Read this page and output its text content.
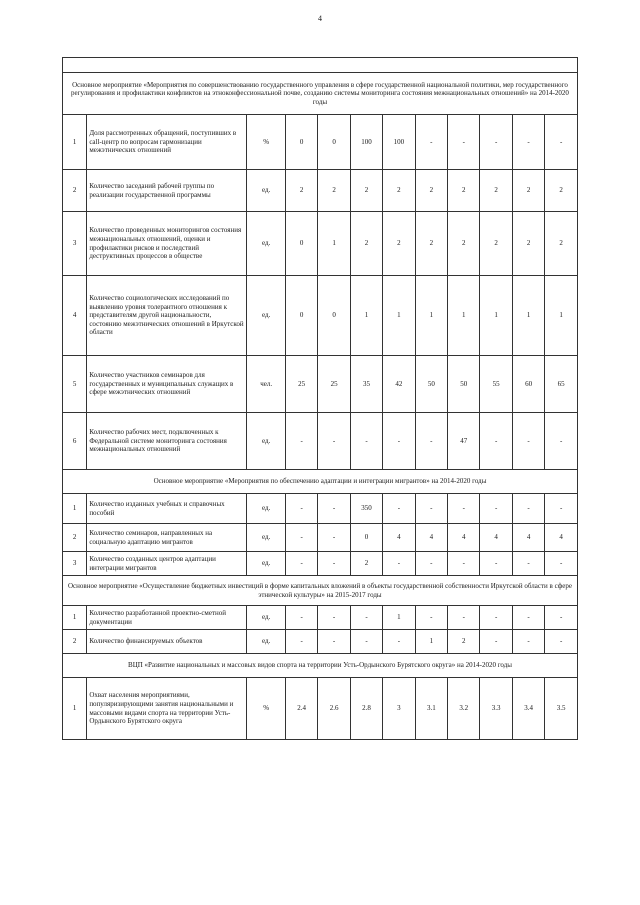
4

Основное мероприятие «Мероприятия по совершенствованию государственного управления в сфере государственной национальной политики, мер государственного регулирования и профилактики конфликтов на этноконфессиональной почве, созданию системы мониторинга состояния межнациональных отношений» на 2014-2020 годы											
1	Доля рассмотренных обращений, поступивших в call-центр по вопросам гармонизации межэтнических отношений	%	0	0	100	100	-	-	-	-	-
2	Количество заседаний рабочей группы по реализации государственной программы	ед.	2	2	2	2	2	2	2	2	2
3	Количество проведенных мониторингов состояния межнациональных отношений, оценки и профилактики рисков и последствий деструктивных процессов в обществе	ед.	0	1	2	2	2	2	2	2	2
4	Количество социологических исследований по выявлению уровня толерантного отношения к представителям другой национальности, состоянию межэтнических отношений в Иркутской области	ед.	0	0	1	1	1	1	1	1	1
5	Количество участников семинаров для государственных и муниципальных служащих в сфере межэтнических отношений	чел.	25	25	35	42	50	50	55	60	65
6	Количество рабочих мест, подключенных к Федеральной системе мониторинга состояния межнациональных отношений	ед.	-	-	-	-	-	47	-	-	-
Основное мероприятие «Мероприятия по обеспечению адаптации и интеграции мигрантов» на 2014-2020 годы											
1	Количество изданных учебных и справочных пособий	ед.	-	-	350	-	-	-	-	-	-
2	Количество семинаров, направленных на социальную адаптацию мигрантов	ед.	-	-	0	4	4	4	4	4	4
3	Количество созданных центров адаптации интеграции мигрантов	ед.	-	-	2	-	-	-	-	-	-
Основное мероприятие «Осуществление бюджетных инвестиций в форме капитальных вложений в объекты государственной собственности Иркутской области в сфере этнической культуры» на 2015-2017 годы											
1	Количество разработанной проектно-сметной документации	ед.	-	-	-	1	-	-	-	-	-
2	Количество финансируемых объектов	ед.	-	-	-	-	1	2	-	-	-
ВЦП «Развитие национальных и массовых видов спорта на территории Усть-Ордынского Бурятского округа» на 2014-2020 годы											
1	Охват населения мероприятиями, популяризирующими занятия национальными и массовыми видами спорта на территории Усть-Ордынского Бурятского округа	%	2.4	2.6	2.8	3	3.1	3.2	3.3	3.4	3.5
